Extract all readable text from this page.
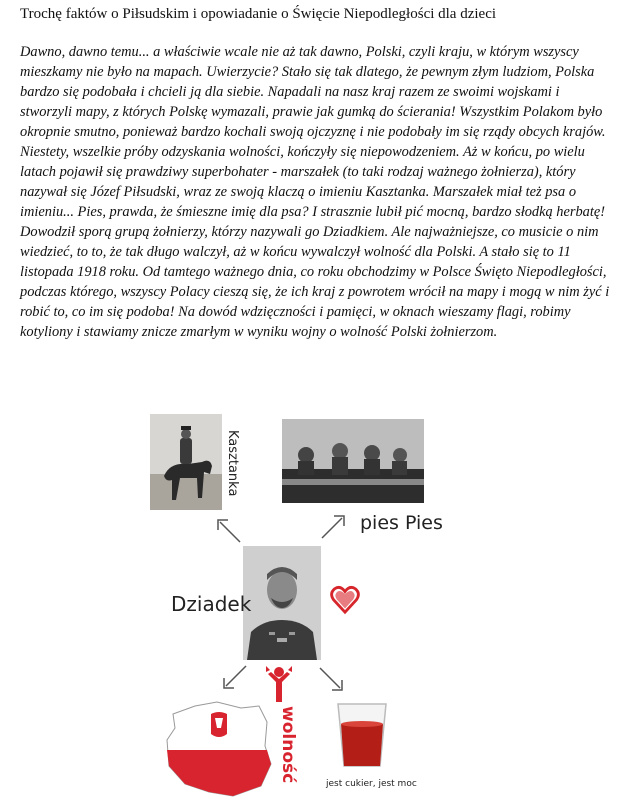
Trochę faktów o Piłsudskim i opowiadanie o Święcie Niepodległości dla dzieci

Dawno, dawno temu... a właściwie wcale nie aż tak dawno, Polski, czyli kraju, w którym wszyscy mieszkamy nie było na mapach. Uwierzycie? Stało się tak dlatego, że pewnym złym ludziom, Polska bardzo się podobała i chcieli ją dla siebie. Napadali na nasz kraj razem ze swoimi wojskami i stworzyli mapy, z których Polskę wymazali, prawie jak gumką do ścierania! Wszystkim Polakom było okropnie smutno, ponieważ bardzo kochali swoją ojczyznę i nie podobały im się rządy obcych krajów. Niestety, wszelkie próby odzyskania wolności, kończyły się niepowodzeniem. Aż w końcu, po wielu latach pojawił się prawdziwy superbohater - marszałek (to taki rodzaj ważnego żołnierza), który nazywał się Józef Piłsudski, wraz ze swoją klaczą o imieniu Kasztanka. Marszałek miał też psa o imieniu... Pies, prawda, że śmieszne imię dla psa? I strasznie lubił pić mocną, bardzo słodką herbatę! Dowodził sporą grupą żołnierzy, którzy nazywali go Dziadkiem. Ale najważniejsze, co musicie o nim wiedzieć, to to, że tak długo walczył, aż w końcu wywalczył wolność dla Polski. A stało się to 11 listopada 1918 roku. Od tamtego ważnego dnia, co roku obchodzimy w Polsce Święto Niepodległości, podczas którego, wszyscy Polacy cieszą się, że ich kraj z powrotem wrócił na mapy i mogą w nim żyć i robić to, co im się podoba! Na dowód wdzięczności i pamięci, w oknach wieszamy flagi, robimy kotyliony i stawiamy znicze zmarłym w wyniku wojny o wolność Polski żołnierzom.

Kasztanka
pies Pies
Dziadek
wolność
jest cukier, jest moc
